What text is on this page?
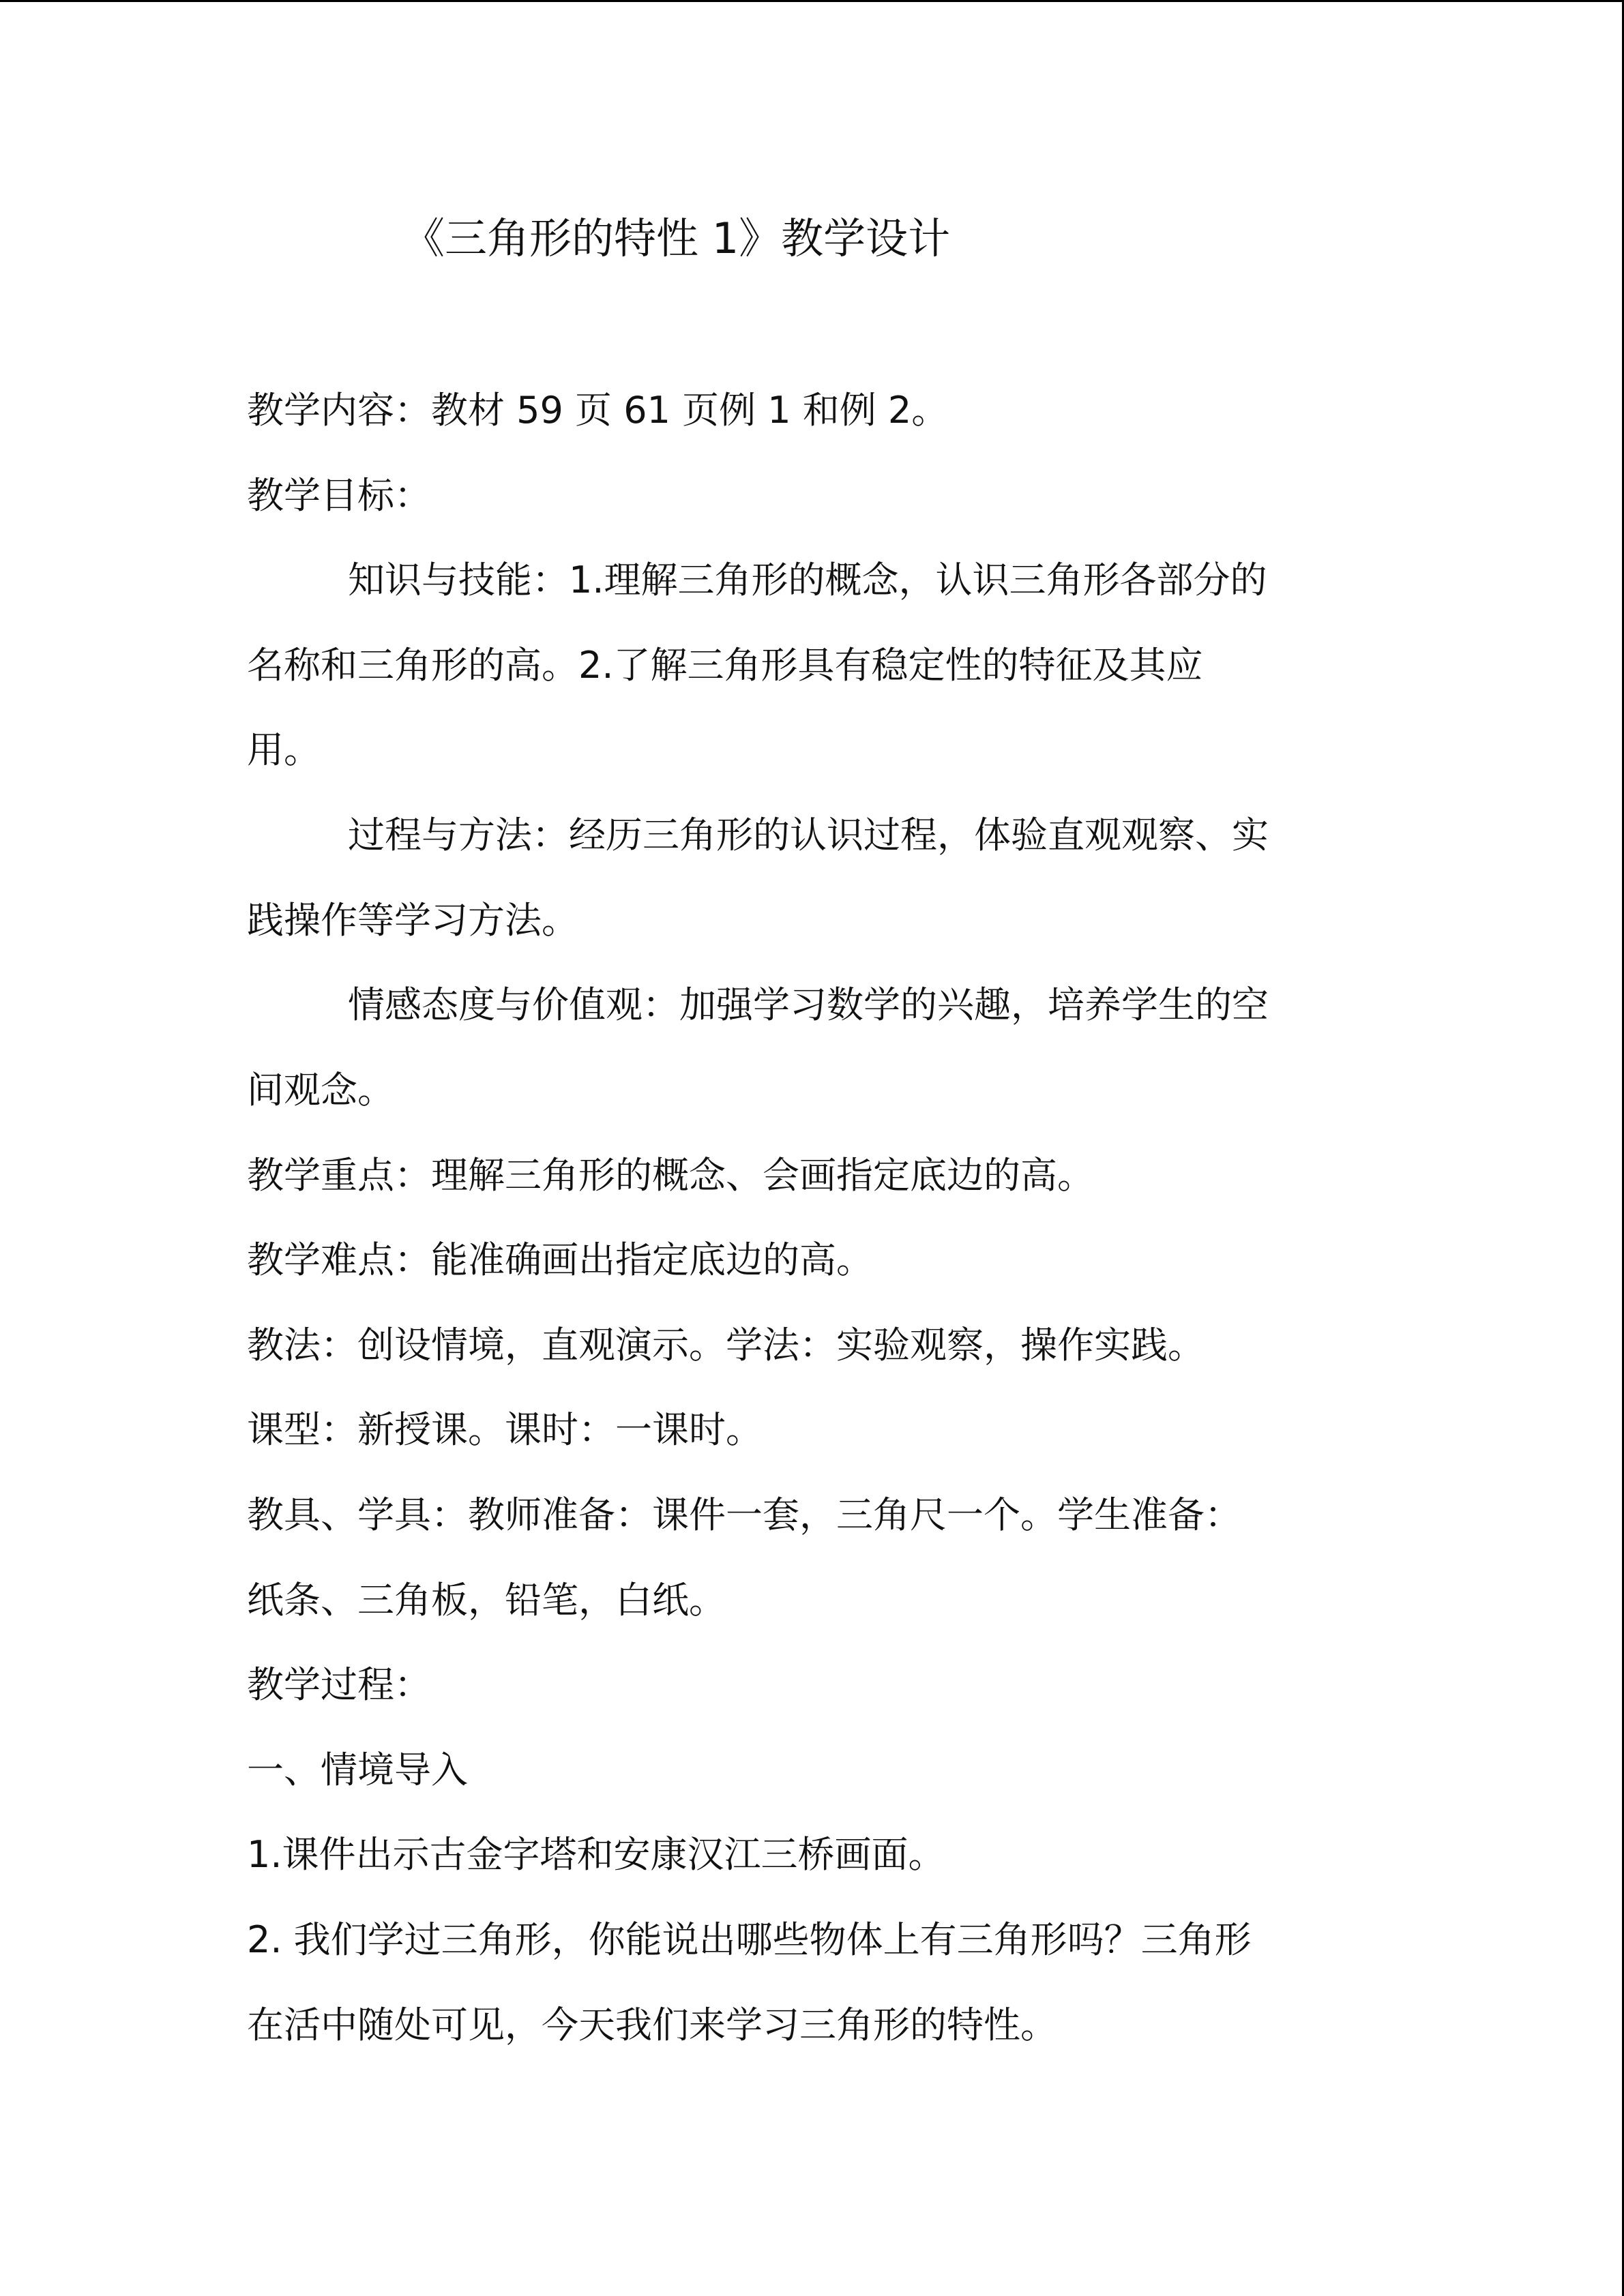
《三角形的特性 1》教学设计
教学内容：教材 59 页 61 页例 1 和例 2。
教学目标：
知识与技能：1.理解三角形的概念，认识三角形各部分的
名称和三角形的高。2.了解三角形具有稳定性的特征及其应
用。
过程与方法：经历三角形的认识过程，体验直观观察、实
践操作等学习方法。
情感态度与价值观：加强学习数学的兴趣，培养学生的空
间观念。
教学重点：理解三角形的概念、会画指定底边的高。
教学难点：能准确画出指定底边的高。
教法：创设情境，直观演示。学法：实验观察，操作实践。
课型：新授课。课时：一课时。
教具、学具：教师准备：课件一套，三角尺一个。学生准备：
纸条、三角板，铅笔，白纸。
教学过程：
一、情境导入
1.课件出示古金字塔和安康汉江三桥画面。
2. 我们学过三角形，你能说出哪些物体上有三角形吗？三角形
在活中随处可见，今天我们来学习三角形的特性。
